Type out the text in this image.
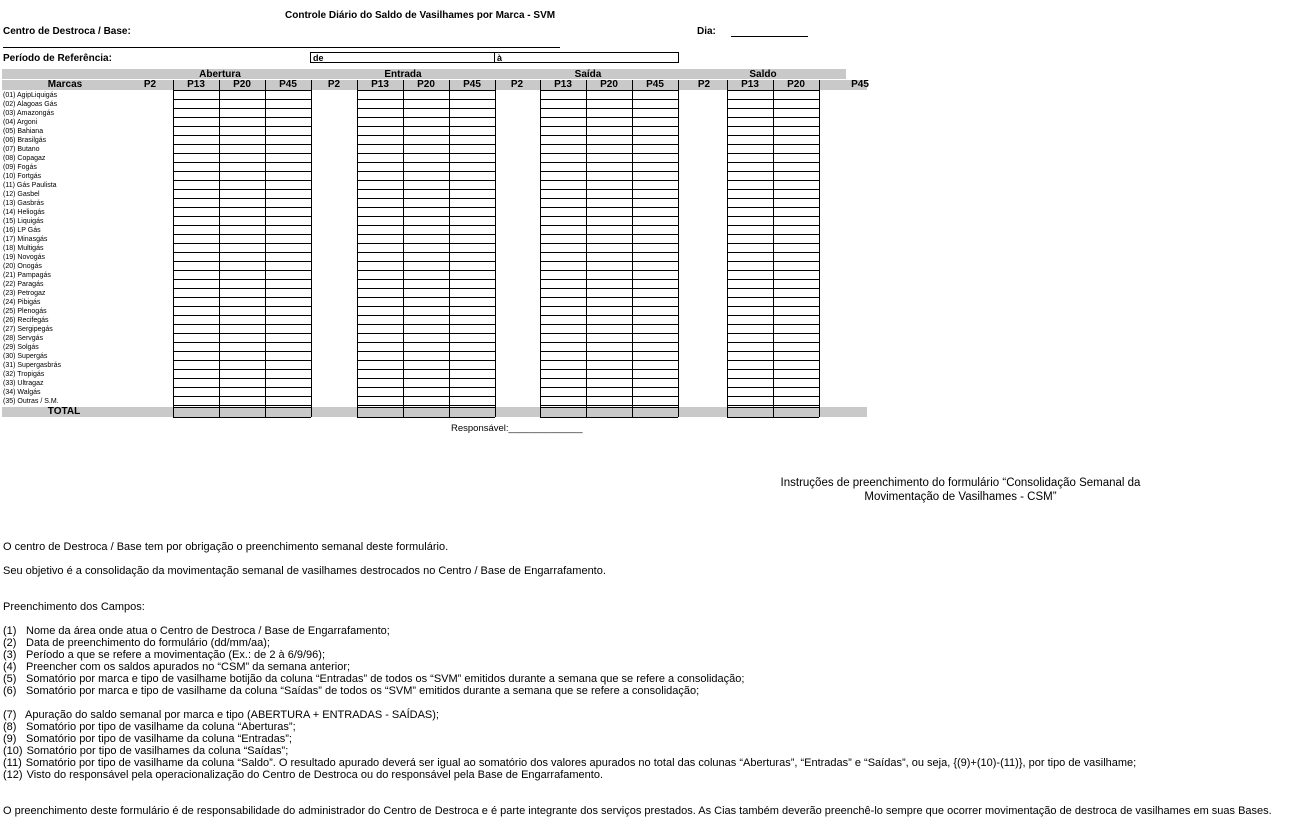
Controle Diário do Saldo de Vasilhames por Marca - SVM
Centro de Destroca / Base:	Dia:
Período de Referência:	de	à
Abertura	Entrada	Saída	Saldo
Marcas	P2	P13	P20	P45	P2	P13	P20	P45	P2	P13	P20	P45	P2	P13	P20	P45
(01) AgipLiquigás
(02) Alagoas Gás
(03) Amazongás
(04) Argoni
(05) Bahiana
(06) Brasilgás
(07) Butano
(08) Copagaz
(09) Fogás
(10) Fortgás
(11) Gás Paulista
(12) Gasbel
(13) Gasbrás
(14) Heliogás
(15) Liquigás
(16) LP Gás
(17) Minasgás
(18) Multigás
(19) Novogás
(20) Onogás
(21) Pampagás
(22) Paragás
(23) Petrogaz
(24) Pibigás
(25) Plenogás
(26) Recifegás
(27) Sergipegás
(28) Servgás
(29) Solgás
(30) Supergás
(31) Supergasbrás
(32) Tropigás
(33) Ultragaz
(34) Walgás
(35) Outras / S.M.
TOTAL
Responsável:______________
Instruções de preenchimento do formulário “Consolidação Semanal da Movimentação de Vasilhames - CSM”
O centro de Destroca / Base tem por obrigação o preenchimento semanal deste formulário.
Seu objetivo é a consolidação da movimentação semanal de vasilhames destrocados no Centro / Base de Engarrafamento.
Preenchimento dos Campos:
(1) Nome da área onde atua o Centro de Destroca / Base de Engarrafamento;
(2) Data de preenchimento do formulário (dd/mm/aa);
(3) Período a que se refere a movimentação (Ex.: de 2 à 6/9/96);
(4) Preencher com os saldos apurados no “CSM” da semana anterior;
(5) Somatório por marca e tipo de vasilhame botijão da coluna “Entradas” de todos os “SVM” emitidos durante a semana que se refere a consolidação;
(6) Somatório por marca e tipo de vasilhame da coluna “Saídas” de todos os “SVM” emitidos durante a semana que se refere a consolidação;
(7) Apuração do saldo semanal por marca e tipo (ABERTURA + ENTRADAS - SAÍDAS);
(8) Somatório por tipo de vasilhame da coluna “Aberturas”;
(9) Somatório por tipo de vasilhame da coluna “Entradas”;
(10) Somatório por tipo de vasilhames da coluna “Saídas”;
(11) Somatório por tipo de vasilhame da coluna “Saldo”. O resultado apurado deverá ser igual ao somatório dos valores apurados no total das colunas “Aberturas”, “Entradas” e “Saídas”, ou seja, {(9)+(10)-(11)}, por tipo de vasilhame;
(12) Visto do responsável pela operacionalização do Centro de Destroca ou do responsável pela Base de Engarrafamento.
O preenchimento deste formulário é de responsabilidade do administrador do Centro de Destroca e é parte integrante dos serviços prestados. As Cias também deverão preenchê-lo sempre que ocorrer movimentação de destroca de vasilhames em suas Bases.
